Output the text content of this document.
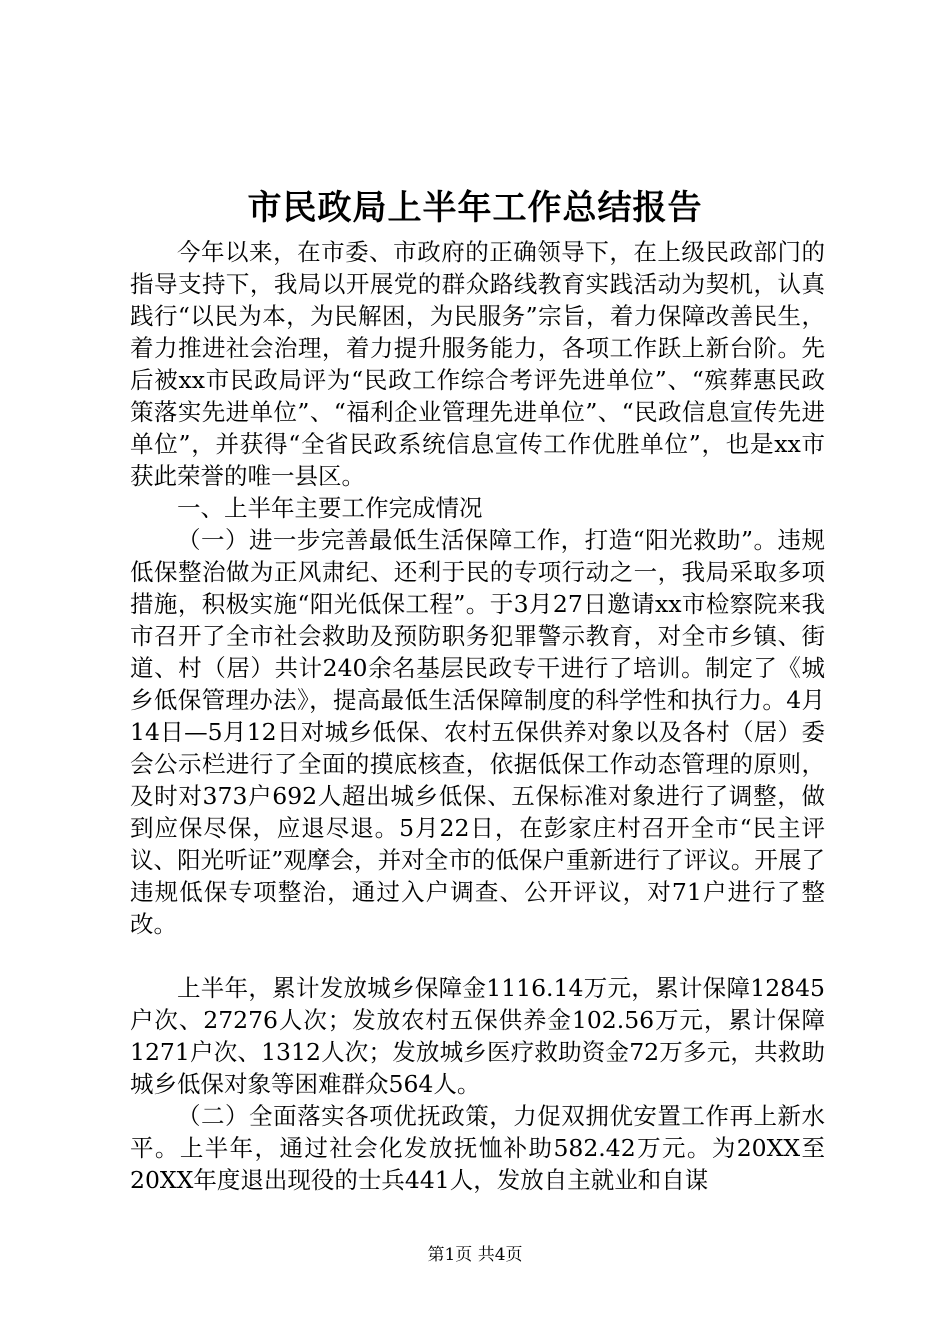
市民政局上半年工作总结报告

今年以来，在市委、市政府的正确领导下，在上级民政部门的指导支持下，我局以开展党的群众路线教育实践活动为契机，认真践行“以民为本，为民解困，为民服务”宗旨，着力保障改善民生，着力推进社会治理，着力提升服务能力，各项工作跃上新台阶。先后被xx市民政局评为“民政工作综合考评先进单位”、“殡葬惠民政策落实先进单位”、“福利企业管理先进单位”、“民政信息宣传先进单位”，并获得“全省民政系统信息宣传工作优胜单位”，也是xx市获此荣誉的唯一县区。

一、上半年主要工作完成情况

（一）进一步完善最低生活保障工作，打造“阳光救助”。违规低保整治做为正风肃纪、还利于民的专项行动之一，我局采取多项措施，积极实施“阳光低保工程”。于3月27日邀请xx市检察院来我市召开了全市社会救助及预防职务犯罪警示教育，对全市乡镇、街道、村（居）共计240余名基层民政专干进行了培训。制定了《城乡低保管理办法》，提高最低生活保障制度的科学性和执行力。4月14日—5月12日对城乡低保、农村五保供养对象以及各村（居）委会公示栏进行了全面的摸底核查，依据低保工作动态管理的原则，及时对373户692人超出城乡低保、五保标准对象进行了调整，做到应保尽保，应退尽退。5月22日，在彭家庄村召开全市“民主评议、阳光听证”观摩会，并对全市的低保户重新进行了评议。开展了违规低保专项整治，通过入户调查、公开评议，对71户进行了整改。

上半年，累计发放城乡保障金1116.14万元，累计保障12845户次、27276人次；发放农村五保供养金102.56万元，累计保障1271户次、1312人次；发放城乡医疗救助资金72万多元，共救助城乡低保对象等困难群众564人。

（二）全面落实各项优抚政策，力促双拥优安置工作再上新水平。上半年，通过社会化发放抚恤补助582.42万元。为20XX至20XX年度退出现役的士兵441人，发放自主就业和自谋

第1页 共4页
